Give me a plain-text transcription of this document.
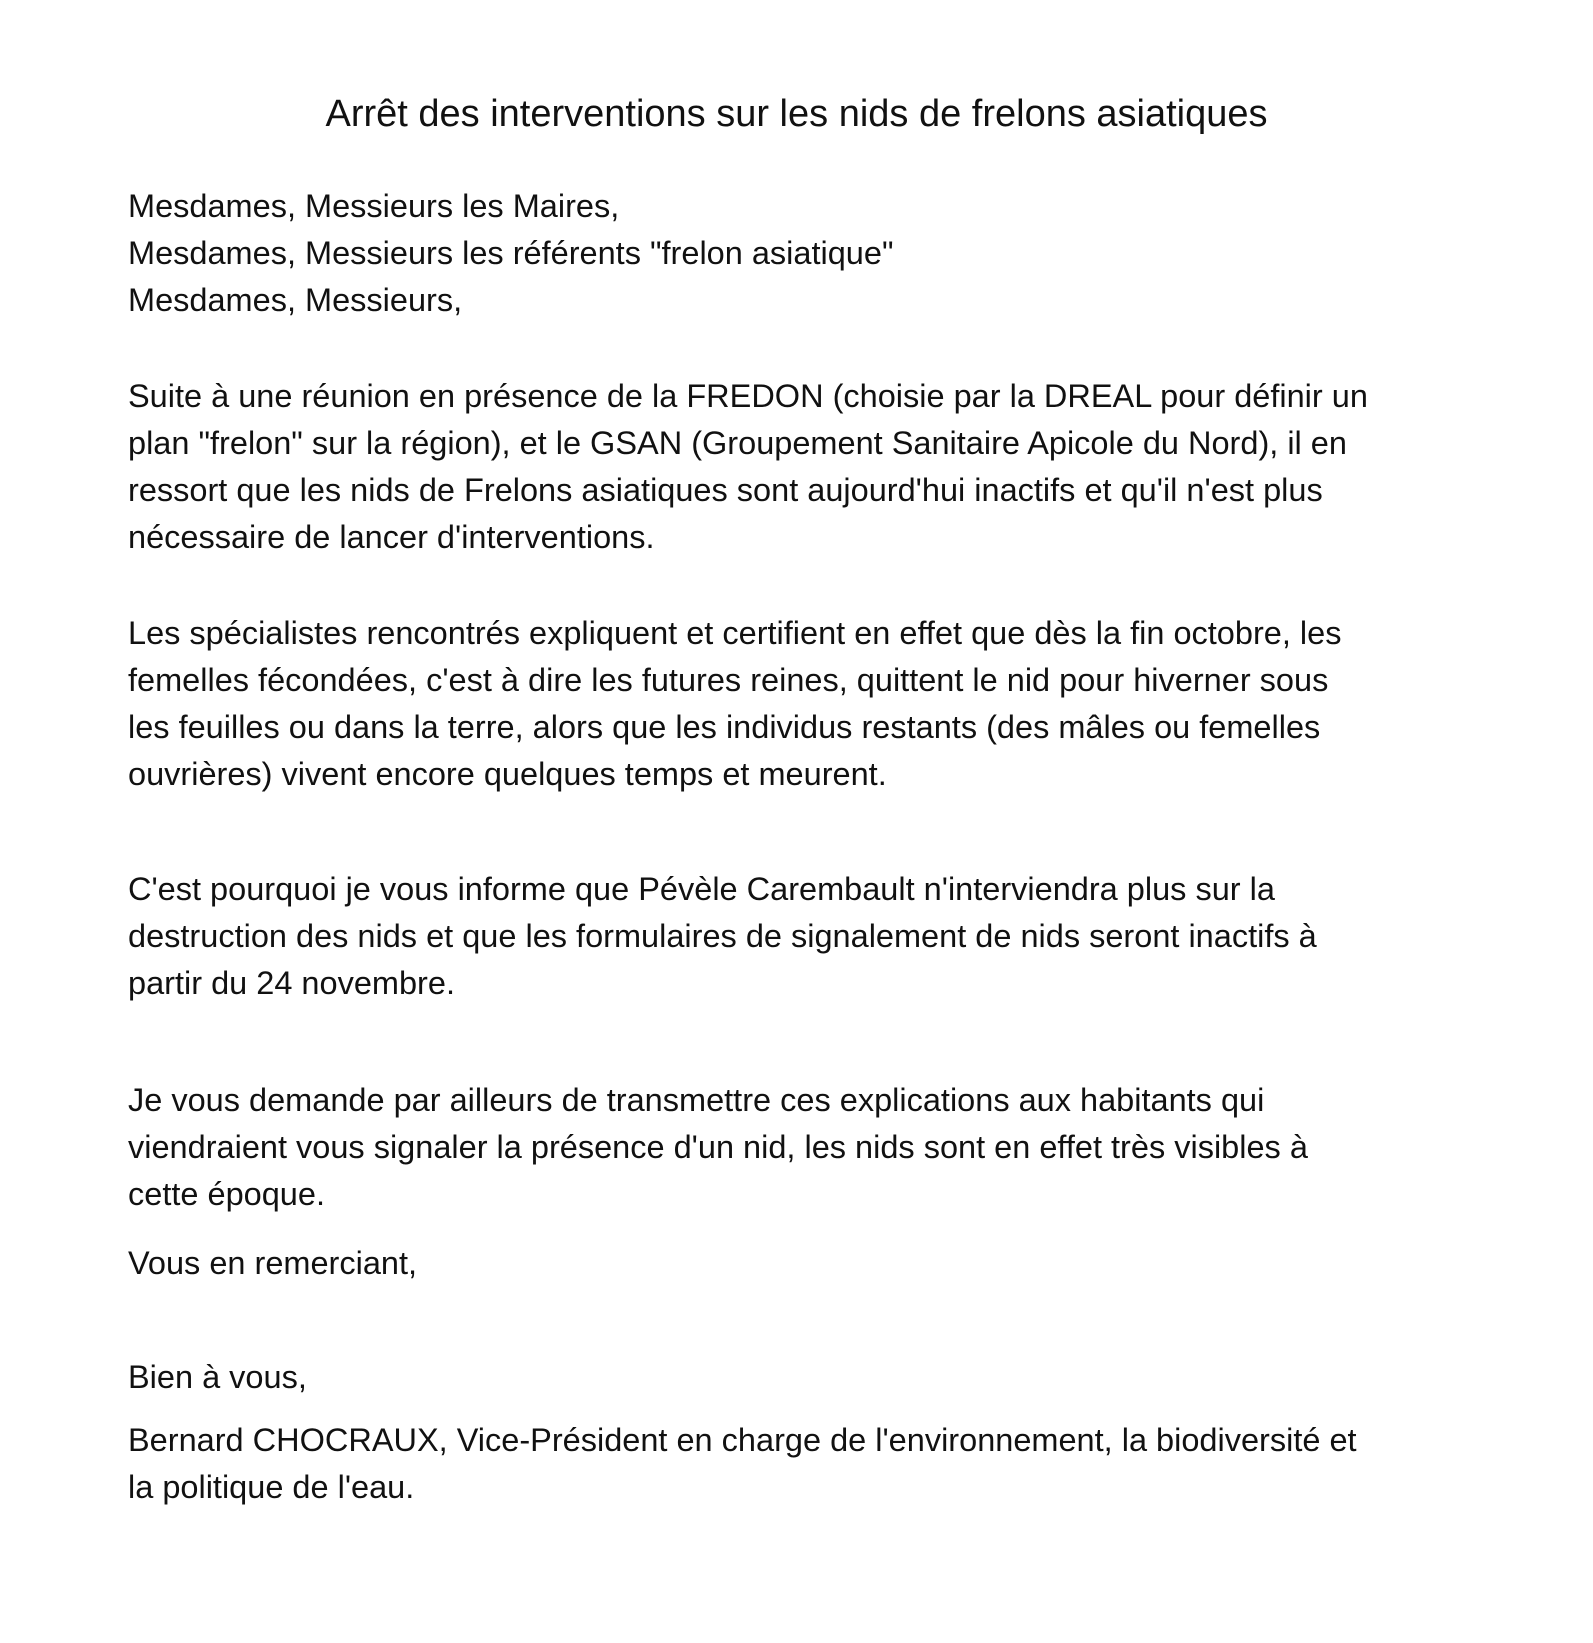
Arrêt des interventions sur les nids de frelons asiatiques

Mesdames, Messieurs les Maires,
Mesdames, Messieurs les référents "frelon asiatique"
Mesdames, Messieurs,

Suite à une réunion en présence de la FREDON (choisie par la DREAL pour définir un
plan "frelon" sur la région), et le GSAN (Groupement Sanitaire Apicole du Nord), il en
ressort que les nids de Frelons asiatiques sont aujourd'hui inactifs et qu'il n'est plus
nécessaire de lancer d'interventions.

Les spécialistes rencontrés expliquent et certifient en effet que dès la fin octobre, les
femelles fécondées, c'est à dire les futures reines, quittent le nid pour hiverner sous
les feuilles ou dans la terre, alors que les individus restants (des mâles ou femelles
ouvrières) vivent encore quelques temps et meurent.

C'est pourquoi je vous informe que Pévèle Carembault n'interviendra plus sur la
destruction des nids et que les formulaires de signalement de nids seront inactifs à
partir du 24 novembre.

Je vous demande par ailleurs de transmettre ces explications aux habitants qui
viendraient vous signaler la présence d'un nid, les nids sont en effet très visibles à
cette époque.

Vous en remerciant,

Bien à vous,

Bernard CHOCRAUX, Vice-Président en charge de l'environnement, la biodiversité et
la politique de l'eau.
